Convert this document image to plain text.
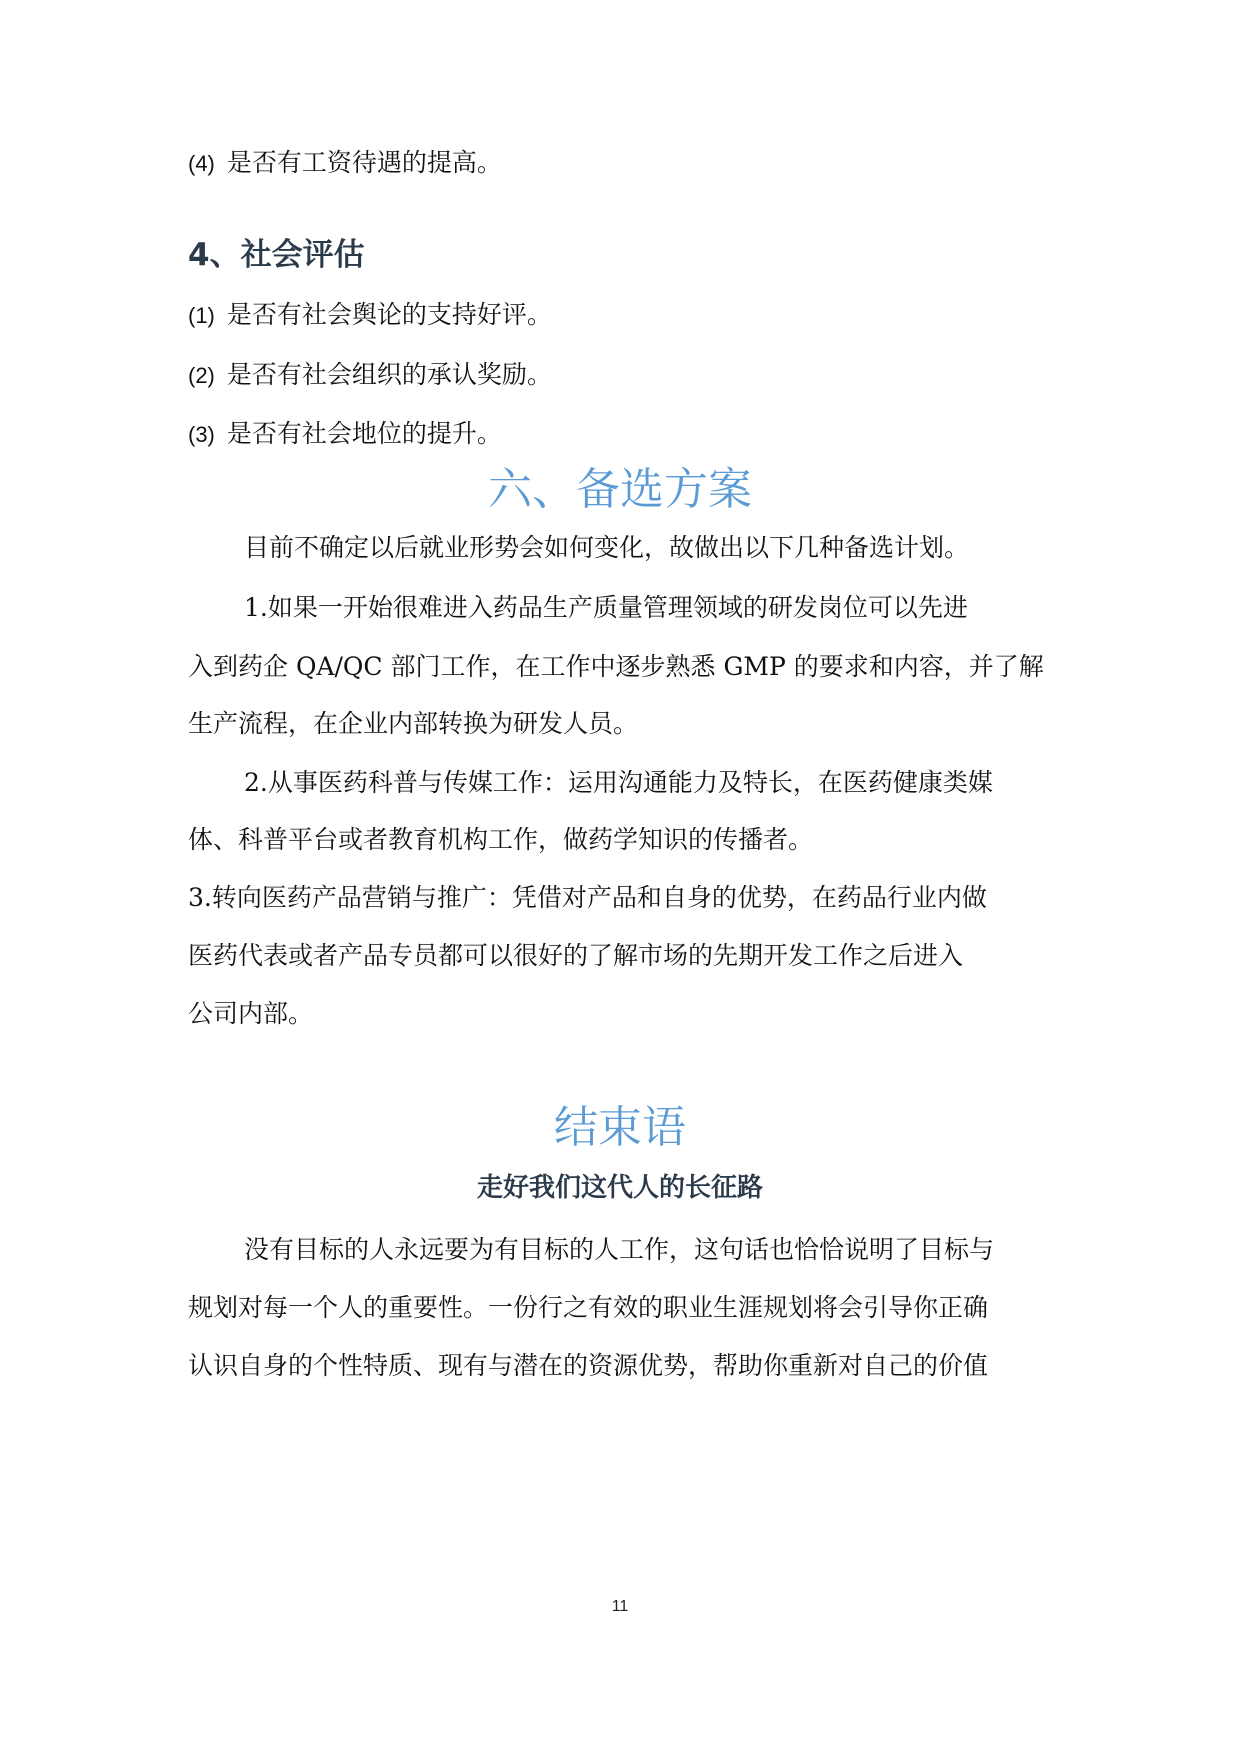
(4) 是否有工资待遇的提高。
4、社会评估
(1) 是否有社会舆论的支持好评。
(2) 是否有社会组织的承认奖励。
(3) 是否有社会地位的提升。
六、备选方案
目前不确定以后就业形势会如何变化，故做出以下几种备选计划。
1.如果一开始很难进入药品生产质量管理领域的研发岗位可以先进
入到药企 QA/QC 部门工作，在工作中逐步熟悉 GMP 的要求和内容，并了解
生产流程，在企业内部转换为研发人员。
2.从事医药科普与传媒工作：运用沟通能力及特长，在医药健康类媒
体、科普平台或者教育机构工作，做药学知识的传播者。
3.转向医药产品营销与推广：凭借对产品和自身的优势，在药品行业内做
医药代表或者产品专员都可以很好的了解市场的先期开发工作之后进入
公司内部。
结束语
走好我们这代人的长征路
没有目标的人永远要为有目标的人工作，这句话也恰恰说明了目标与
规划对每一个人的重要性。一份行之有效的职业生涯规划将会引导你正确
认识自身的个性特质、现有与潜在的资源优势，帮助你重新对自己的价值
11
